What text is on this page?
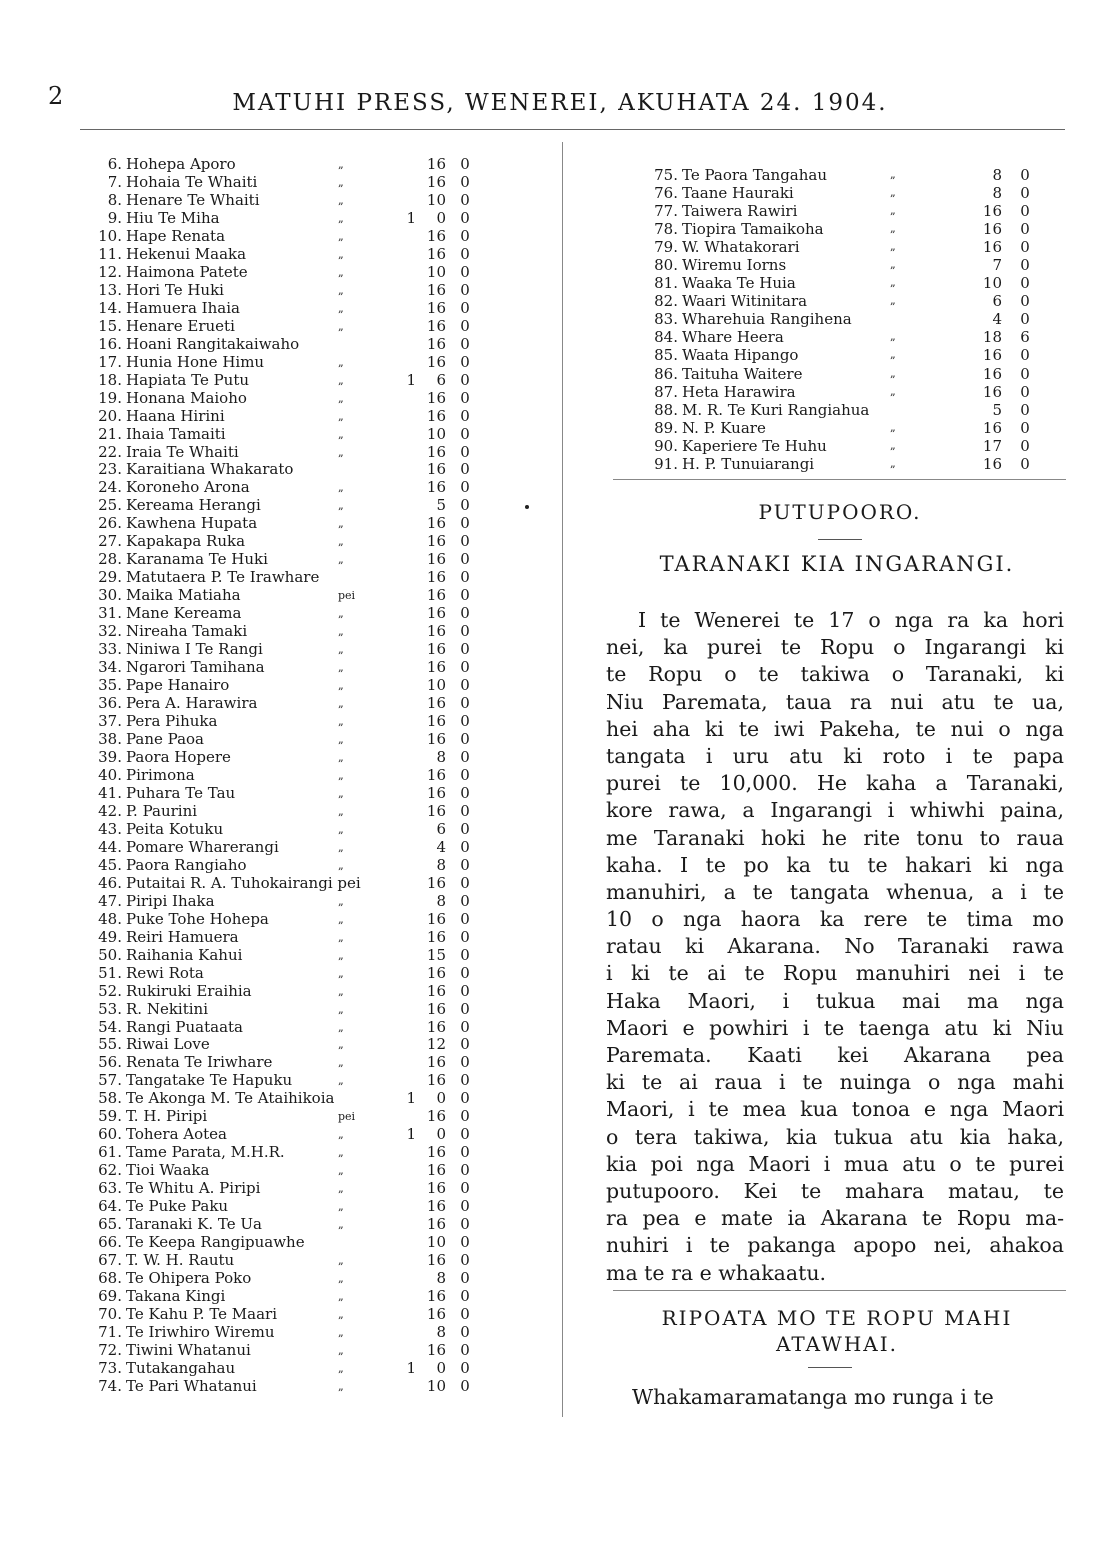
2	MATUHI PRESS, WENEREI, AKUHATA 24. 1904.
6. Hohepa Aporo	„	16 0
7. Hohaia Te Whaiti	„	16 0
8. Henare Te Whaiti	„	10 0
9. Hiu Te Miha	„	1	0 0
10. Hape Renata	„	16 0
11. Hekenui Maaka	„	16 0
12. Haimona Patete	„	10 0
13. Hori Te Huki	„	16 0
14. Hamuera Ihaia	„	16 0
15. Henare Erueti	„	16 0
16. Hoani Rangitakaiwaho	16 0
17. Hunia Hone Himu	„	16 0
18. Hapiata Te Putu	„	1	6 0
19. Honana Maioho	„	16 0
20. Haana Hirini	„	16 0
21. Ihaia Tamaiti	„	10 0
22. Iraia Te Whaiti	„	16 0
23. Karaitiana Whakarato	16 0
24. Koroneho Arona	„	16 0
25. Kereama Herangi	„	5 0
26. Kawhena Hupata	„	16 0
27. Kapakapa Ruka	„	16 0
28. Karanama Te Huki	„	16 0
29. Matutaera P. Te Irawhare	16 0
30. Maika Matiaha	pei	16 0
31. Mane Kereama	„	16 0
32. Nireaha Tamaki	„	16 0
33. Niniwa I Te Rangi	„	16 0
34. Ngarori Tamihana	„	16 0
35. Pape Hanairo	„	10 0
36. Pera A. Harawira	„	16 0
37. Pera Pihuka	„	16 0
38. Pane Paoa	„	16 0
39. Paora Hopere	„	8 0
40. Pirimona	„	16 0
41. Puhara Te Tau	„	16 0
42. P. Paurini	„	16 0
43. Peita Kotuku	„	6 0
44. Pomare Wharerangi	„	4 0
45. Paora Rangiaho	„	8 0
46. Putaitai R. A. Tuhokairangi pei	16 0
47. Piripi Ihaka	„	8 0
48. Puke Tohe Hohepa	„	16 0
49. Reiri Hamuera	„	16 0
50. Raihania Kahui	„	15 0
51. Rewi Rota	„	16 0
52. Rukiruki Eraihia	„	16 0
53. R. Nekitini	„	16 0
54. Rangi Puataata	„	16 0
55. Riwai Love	„	12 0
56. Renata Te Iriwhare	„	16 0
57. Tangatake Te Hapuku	„	16 0
58. Te Akonga M. Te Ataihikoia	1	0 0
59. T. H. Piripi	pei	16 0
60. Tohera Aotea	„	1	0 0
61. Tame Parata, M.H.R.	„	16 0
62. Tioi Waaka	„	16 0
63. Te Whitu A. Piripi	„	16 0
64. Te Puke Paku	„	16 0
65. Taranaki K. Te Ua	„	16 0
66. Te Keepa Rangipuawhe	10 0
67. T. W. H. Rautu	„	16 0
68. Te Ohipera Poko	„	8 0
69. Takana Kingi	„	16 0
70. Te Kahu P. Te Maari	„	16 0
71. Te Iriwhiro Wiremu	„	8 0
72. Tiwini Whatanui	„	16 0
73. Tutakangahau	„	1	0 0
74. Te Pari Whatanui	„	10 0
75. Te Paora Tangahau	„	8 0
76. Taane Hauraki	„	8 0
77. Taiwera Rawiri	„	16 0
78. Tiopira Tamaikoha	„	16 0
79. W. Whatakorari	„	16 0
80. Wiremu Iorns	„	7 0
81. Waaka Te Huia	„	10 0
82. Waari Witinitara	„	6 0
83. Wharehuia Rangihena	4 0
84. Whare Heera	„	18 6
85. Waata Hipango	„	16 0
86. Taituha Waitere	„	16 0
87. Heta Harawira	„	16 0
88. M. R. Te Kuri Rangiahua	5 0
89. N. P. Kuare	„	16 0
90. Kaperiere Te Huhu	„	17 0
91. H. P. Tunuiarangi	„	16 0
PUTUPOORO.
TARANAKI KIA INGARANGI.
I te Wenerei te 17 o nga ra ka hori
nei, ka purei te Ropu o Ingarangi ki
te Ropu o te takiwa o Taranaki, ki
Niu Paremata, taua ra nui atu te ua,
hei aha ki te iwi Pakeha, te nui o nga
tangata i uru atu ki roto i te papa
purei te 10,000. He kaha a Taranaki,
kore rawa, a Ingarangi i whiwhi paina,
me Taranaki hoki he rite tonu to raua
kaha. I te po ka tu te hakari ki nga
manuhiri, a te tangata whenua, a i te
10 o nga haora ka rere te tima mo
ratau ki Akarana. No Taranaki rawa
i ki te ai te Ropu manuhiri nei i te
Haka Maori, i tukua mai ma nga
Maori e powhiri i te taenga atu ki Niu
Paremata. Kaati kei Akarana pea
ki te ai raua i te nuinga o nga mahi
Maori, i te mea kua tonoa e nga Maori
o tera takiwa, kia tukua atu kia haka,
kia poi nga Maori i mua atu o te purei
putupooro. Kei te mahara matau, te
ra pea e mate ia Akarana te Ropu ma-
nuhiri i te pakanga apopo nei, ahakoa
ma te ra e whakaatu.
RIPOATA MO TE ROPU MAHI
ATAWHAI.
Whakamaramatanga mo runga i te
